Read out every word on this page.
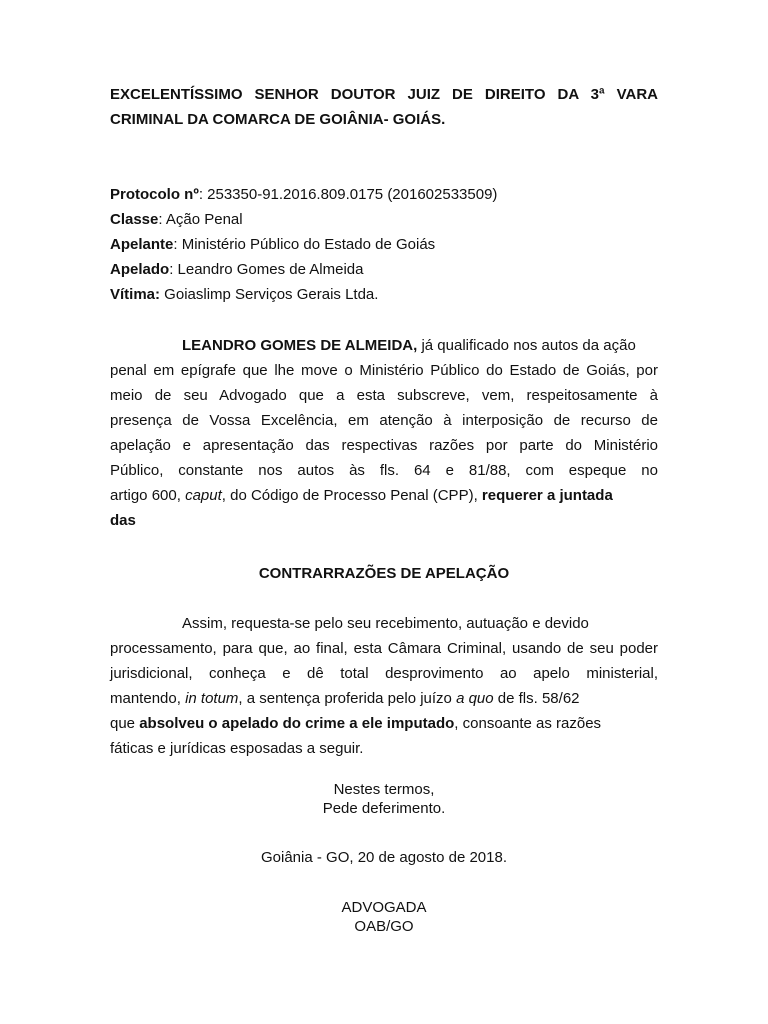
EXCELENTÍSSIMO SENHOR DOUTOR JUIZ DE DIREITO DA 3ª VARA
CRIMINAL DA COMARCA DE GOIÂNIA- GOIÁS.
Protocolo nº: 253350-91.2016.809.0175 (201602533509)
Classe: Ação Penal
Apelante: Ministério Público do Estado de Goiás
Apelado: Leandro Gomes de Almeida
Vítima: Goiaslimp Serviços Gerais Ltda.
LEANDRO GOMES DE ALMEIDA, já qualificado nos autos da ação
penal em epígrafe que lhe move o Ministério Público do Estado de Goiás, por
meio de seu Advogado que a esta subscreve, vem, respeitosamente à
presença de Vossa Excelência, em atenção à interposição de recurso de
apelação e apresentação das respectivas razões por parte do Ministério
Público, constante nos autos às fls. 64 e 81/88, com espeque no
artigo 600, caput, do Código de Processo Penal (CPP), requerer a juntada
das
CONTRARRAZÕES DE APELAÇÃO
Assim, requesta-se pelo seu recebimento, autuação e devido
processamento, para que, ao final, esta Câmara Criminal, usando de seu poder
jurisdicional, conheça e dê total desprovimento ao apelo ministerial,
mantendo, in totum, a sentença proferida pelo juízo a quo de fls. 58/62
que absolveu o apelado do crime a ele imputado, consoante as razões
fáticas e jurídicas esposadas a seguir.
Nestes termos,
Pede deferimento.
Goiânia - GO, 20 de agosto de 2018.
ADVOGADA
OAB/GO
